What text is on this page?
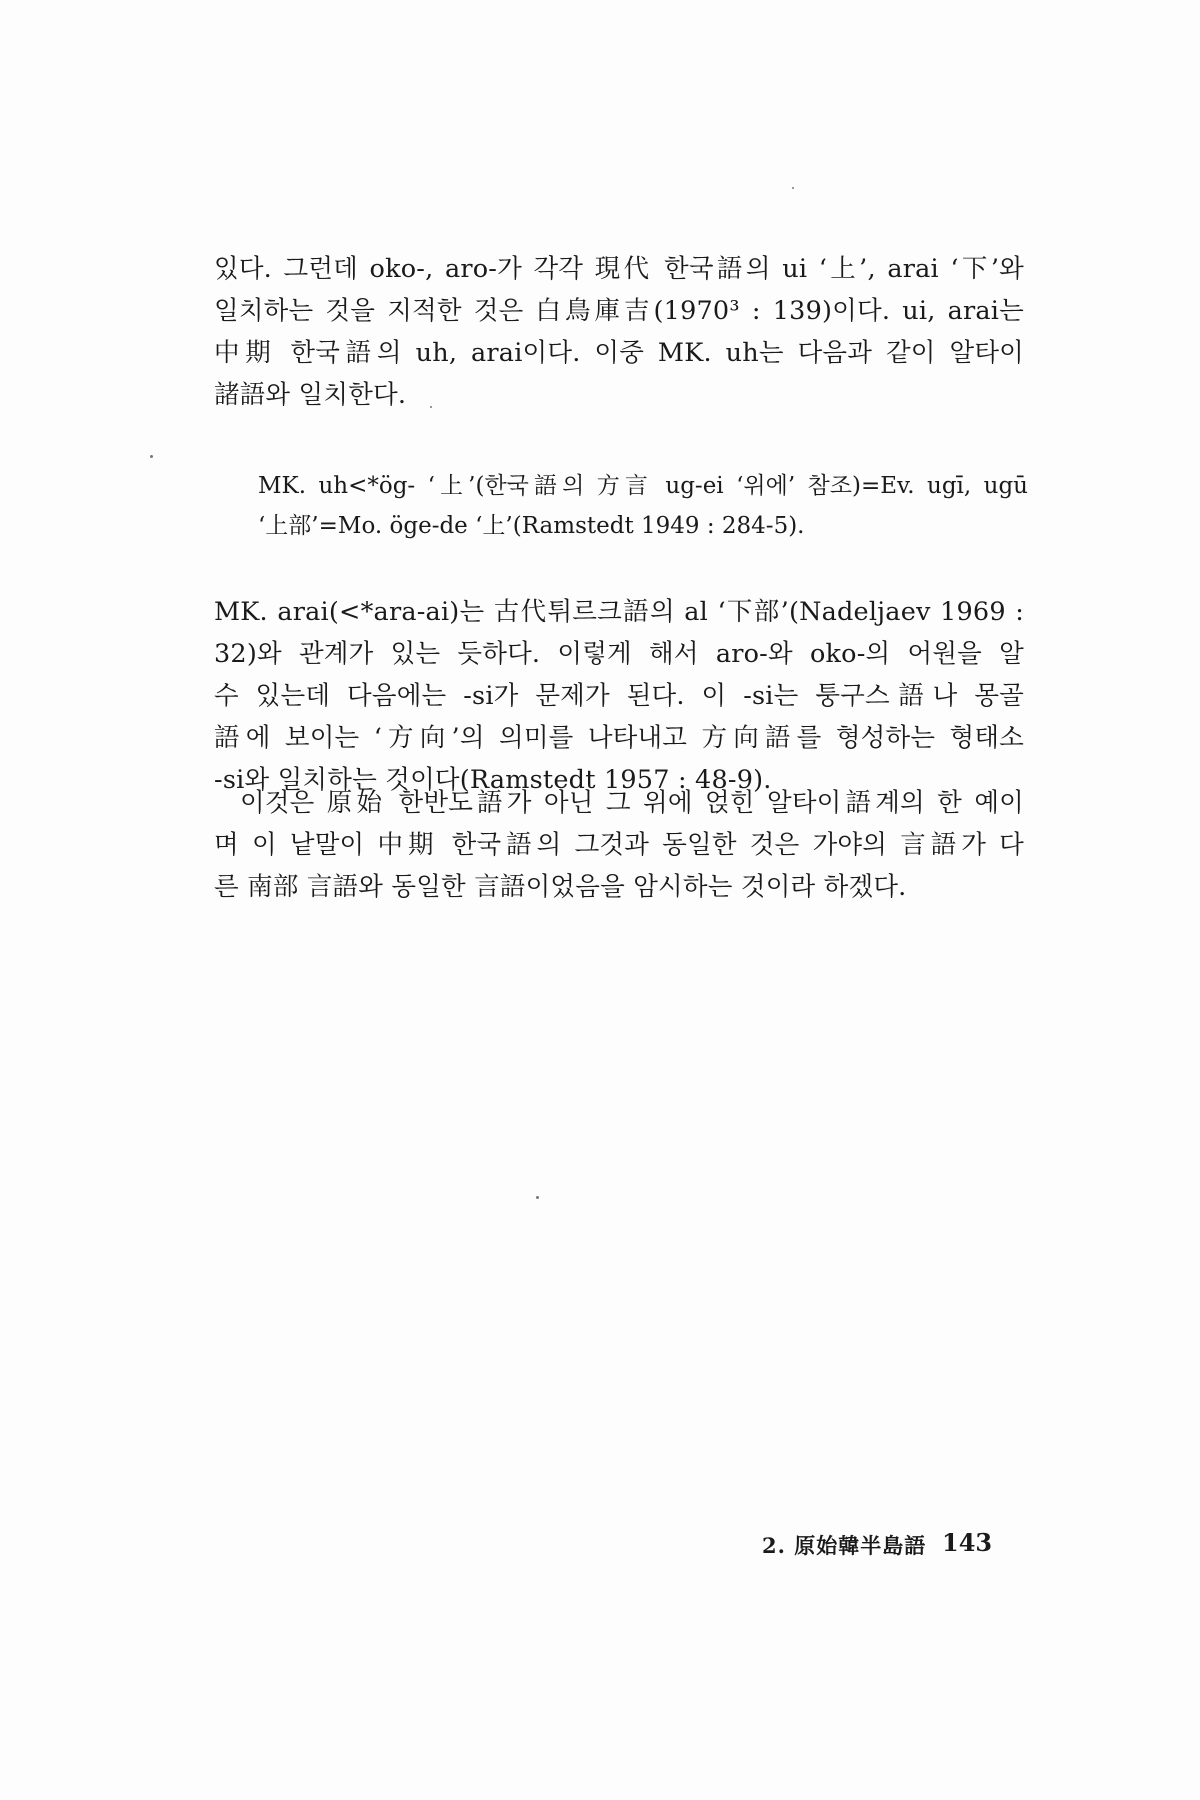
있다. 그런데 oko-, aro-가 각각 現代 한국語의 ui ‘上’, arai ‘下’와
일치하는 것을 지적한 것은 白鳥庫吉(1970³ : 139)이다. ui, arai는
中期 한국語의 uh, arai이다. 이중 MK. uh는 다음과 같이 알타이
諸語와 일치한다.
MK. uh<*ög- ‘上’(한국語의 方言 ug-ei ‘위에’ 참조)=Ev. ugī, ugū
‘上部’=Mo. öge-de ‘上’(Ramstedt 1949 : 284-5).
MK. arai(<*ara-ai)는 古代튀르크語의 al ‘下部’(Nadeljaev 1969 :
32)와 관계가 있는 듯하다. 이렇게 해서 aro-와 oko-의 어원을 알
수 있는데 다음에는 -si가 문제가 된다. 이 -si는 퉁구스語나 몽골
語에 보이는 ‘方向’의 의미를 나타내고 方向語를 형성하는 형태소
-si와 일치하는 것이다(Ramstedt 1957 : 48-9).
이것은 原始 한반도語가 아닌 그 위에 얹힌 알타이語계의 한 예이
며 이 낱말이 中期 한국語의 그것과 동일한 것은 가야의 言語가 다
른 南部 言語와 동일한 言語이었음을 암시하는 것이라 하겠다.
2. 原始韓半島語 143
